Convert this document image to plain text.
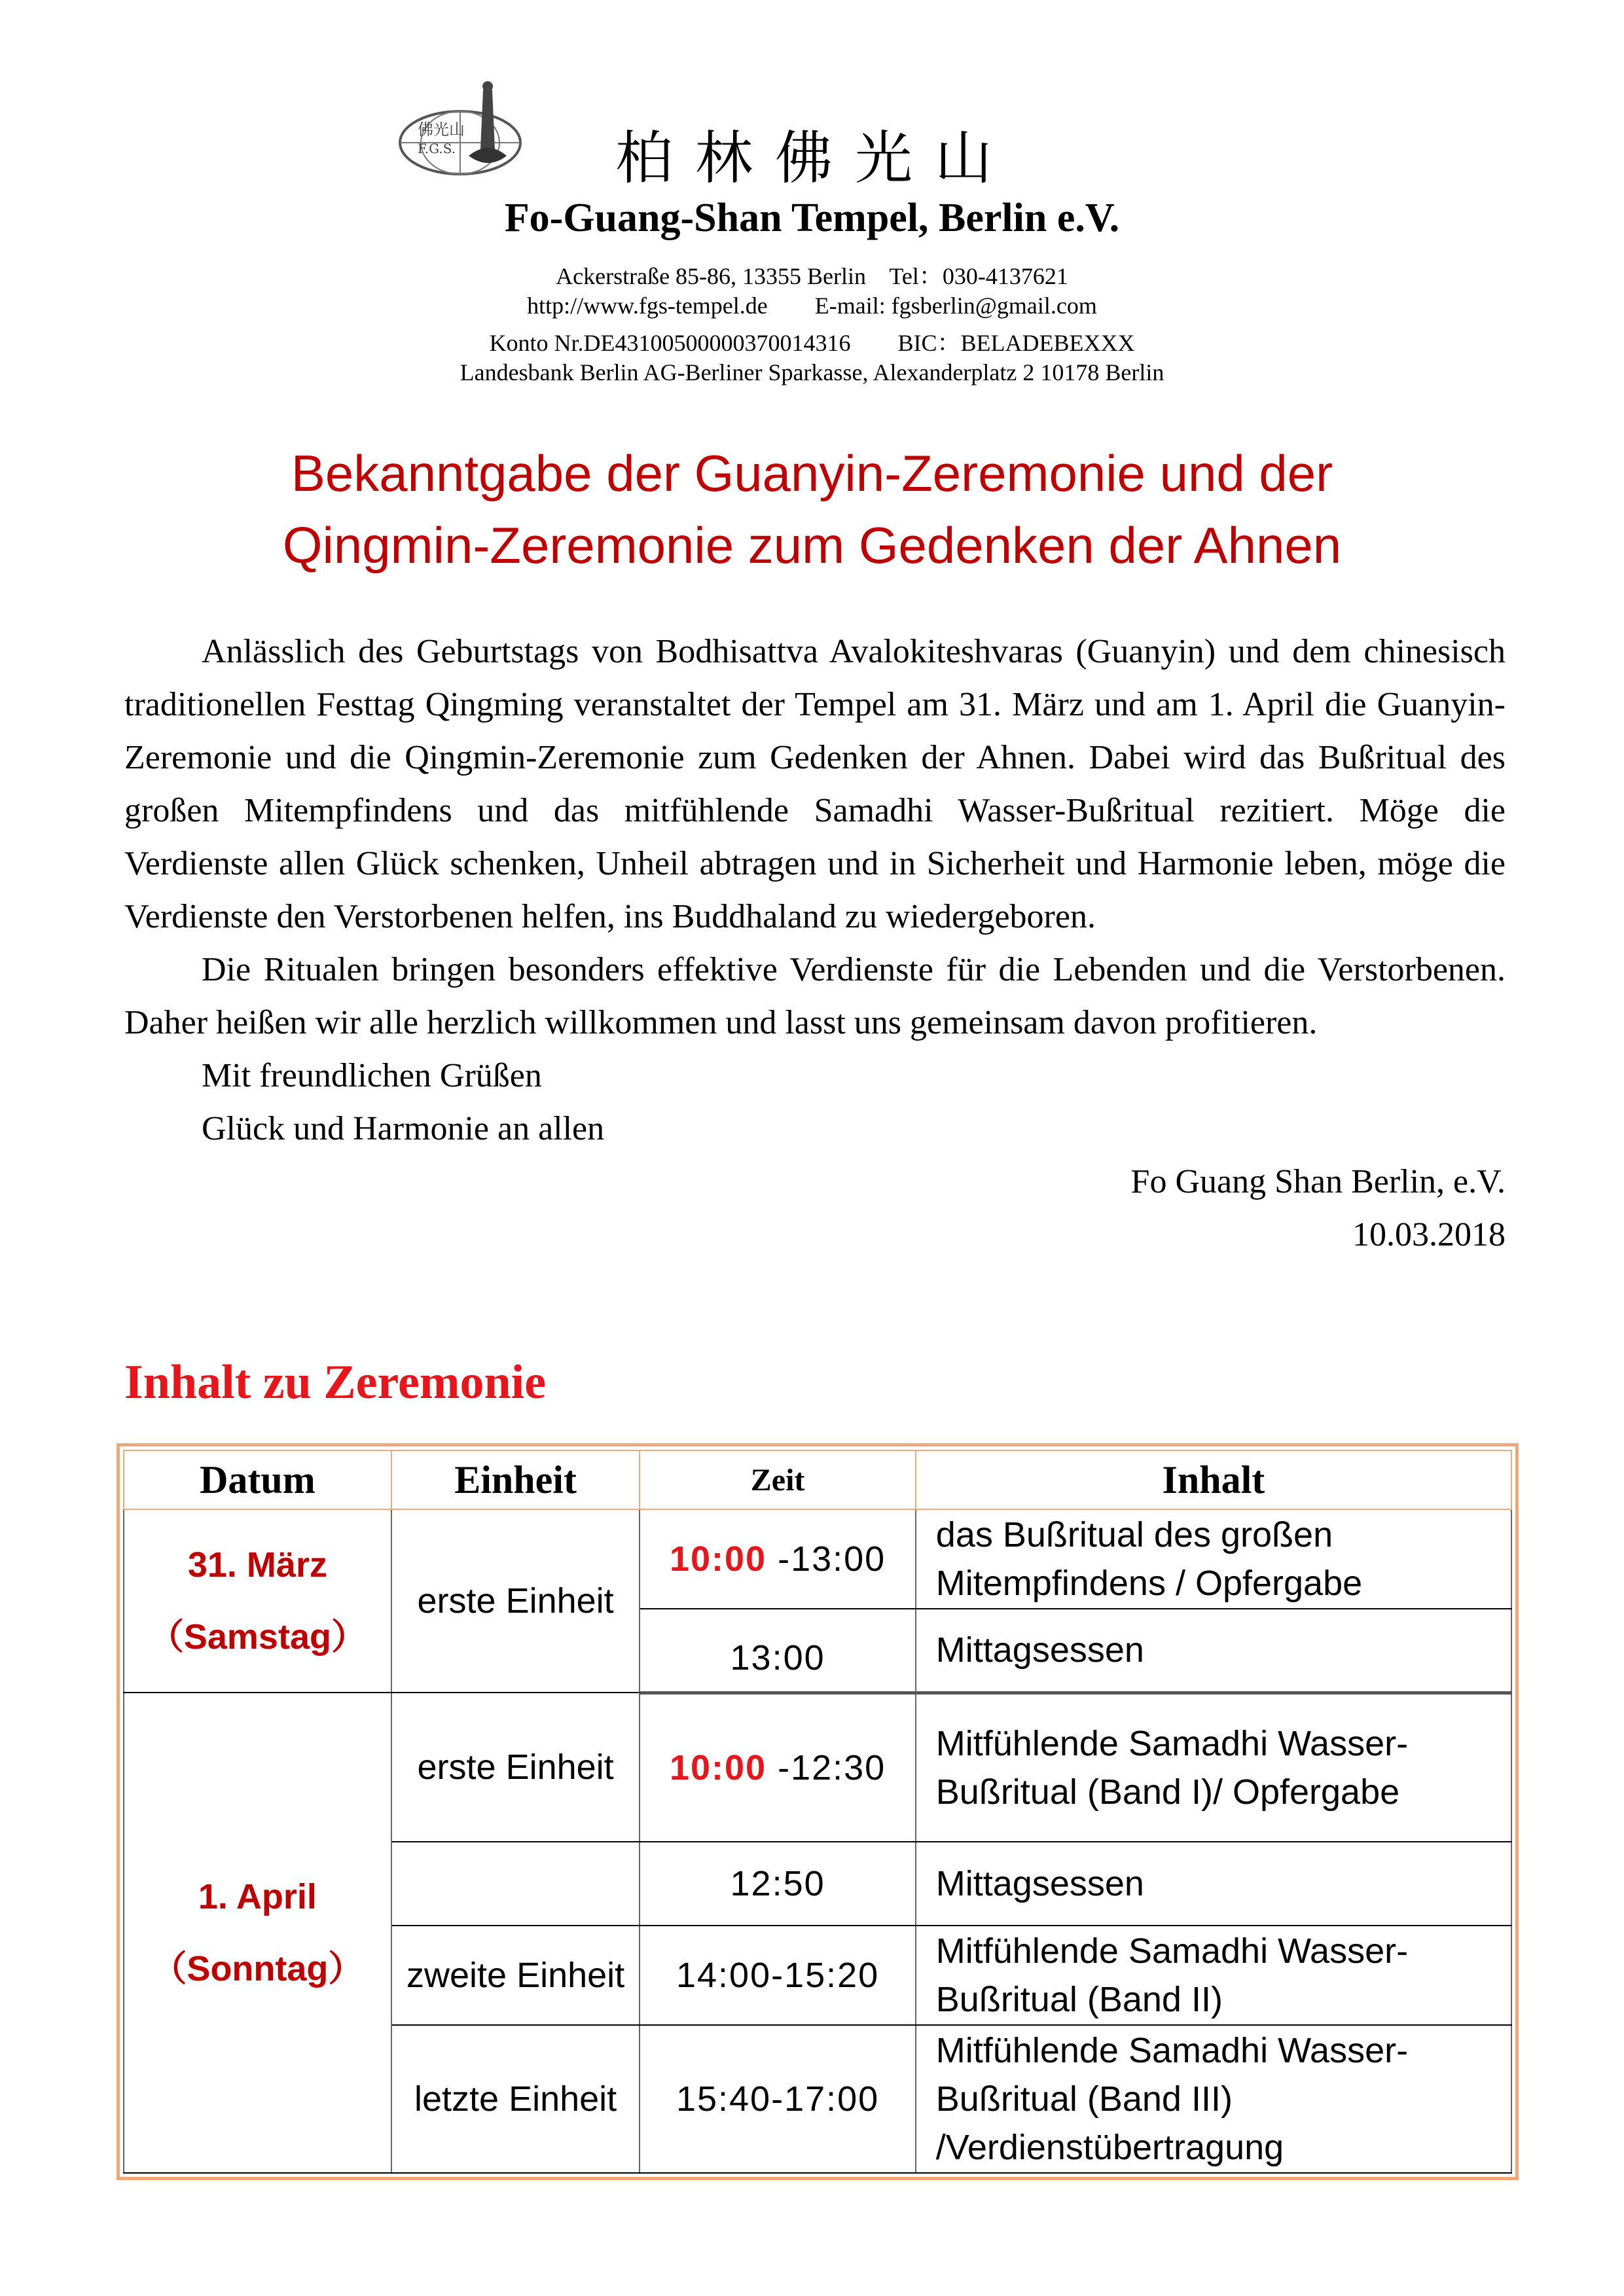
佛光山
F.G.S.	柏林佛光山
Fo-Guang-Shan Tempel, Berlin e.V.

Ackerstraße 85-86, 13355 Berlin    Tel：030-4137621

http://www.fgs-tempel.de        E-mail: fgsberlin@gmail.com

Konto Nr.DE43100500000370014316        BIC：BELADEBEXXX

Landesbank Berlin AG-Berliner Sparkasse, Alexanderplatz 2 10178 Berlin

Bekanntgabe der Guanyin-Zeremonie und der
Qingmin-Zeremonie zum Gedenken der Ahnen

Anlässlich des Geburtstags von Bodhisattva Avalokiteshvaras (Guanyin) und dem chinesisch traditionellen Festtag Qingming veranstaltet der Tempel am 31. März und am 1. April die Guanyin-Zeremonie und die Qingmin-Zeremonie zum Gedenken der Ahnen. Dabei wird das Bußritual des großen Mitempfindens und das mitfühlende Samadhi Wasser-Bußritual rezitiert. Möge die Verdienste allen Glück schenken, Unheil abtragen und in Sicherheit und Harmonie leben, möge die Verdienste den Verstorbenen helfen, ins Buddhaland zu wiedergeboren.

Die Ritualen bringen besonders effektive Verdienste für die Lebenden und die Verstorbenen. Daher heißen wir alle herzlich willkommen und lasst uns gemeinsam davon profitieren.

Mit freundlichen Grüßen

Glück und Harmonie an allen

Fo Guang Shan Berlin, e.V.

10.03.2018

Inhalt zu Zeremonie
Datum	Einheit	Zeit	Inhalt

31. März
（Samstag）	erste Einheit	10:00 -13:00	das Bußritual des großen Mitempfindens / Opfergabe
		13:00	Mittagsessen

1. April
（Sonntag）	erste Einheit	10:00 -12:30	Mitfühlende Samadhi Wasser-Bußritual (Band I)/ Opfergabe
		12:50	Mittagsessen
	zweite Einheit	14:00-15:20	Mitfühlende Samadhi Wasser-Bußritual (Band II)
	letzte Einheit	15:40-17:00	Mitfühlende Samadhi Wasser-Bußritual (Band III) /Verdienstübertragung
